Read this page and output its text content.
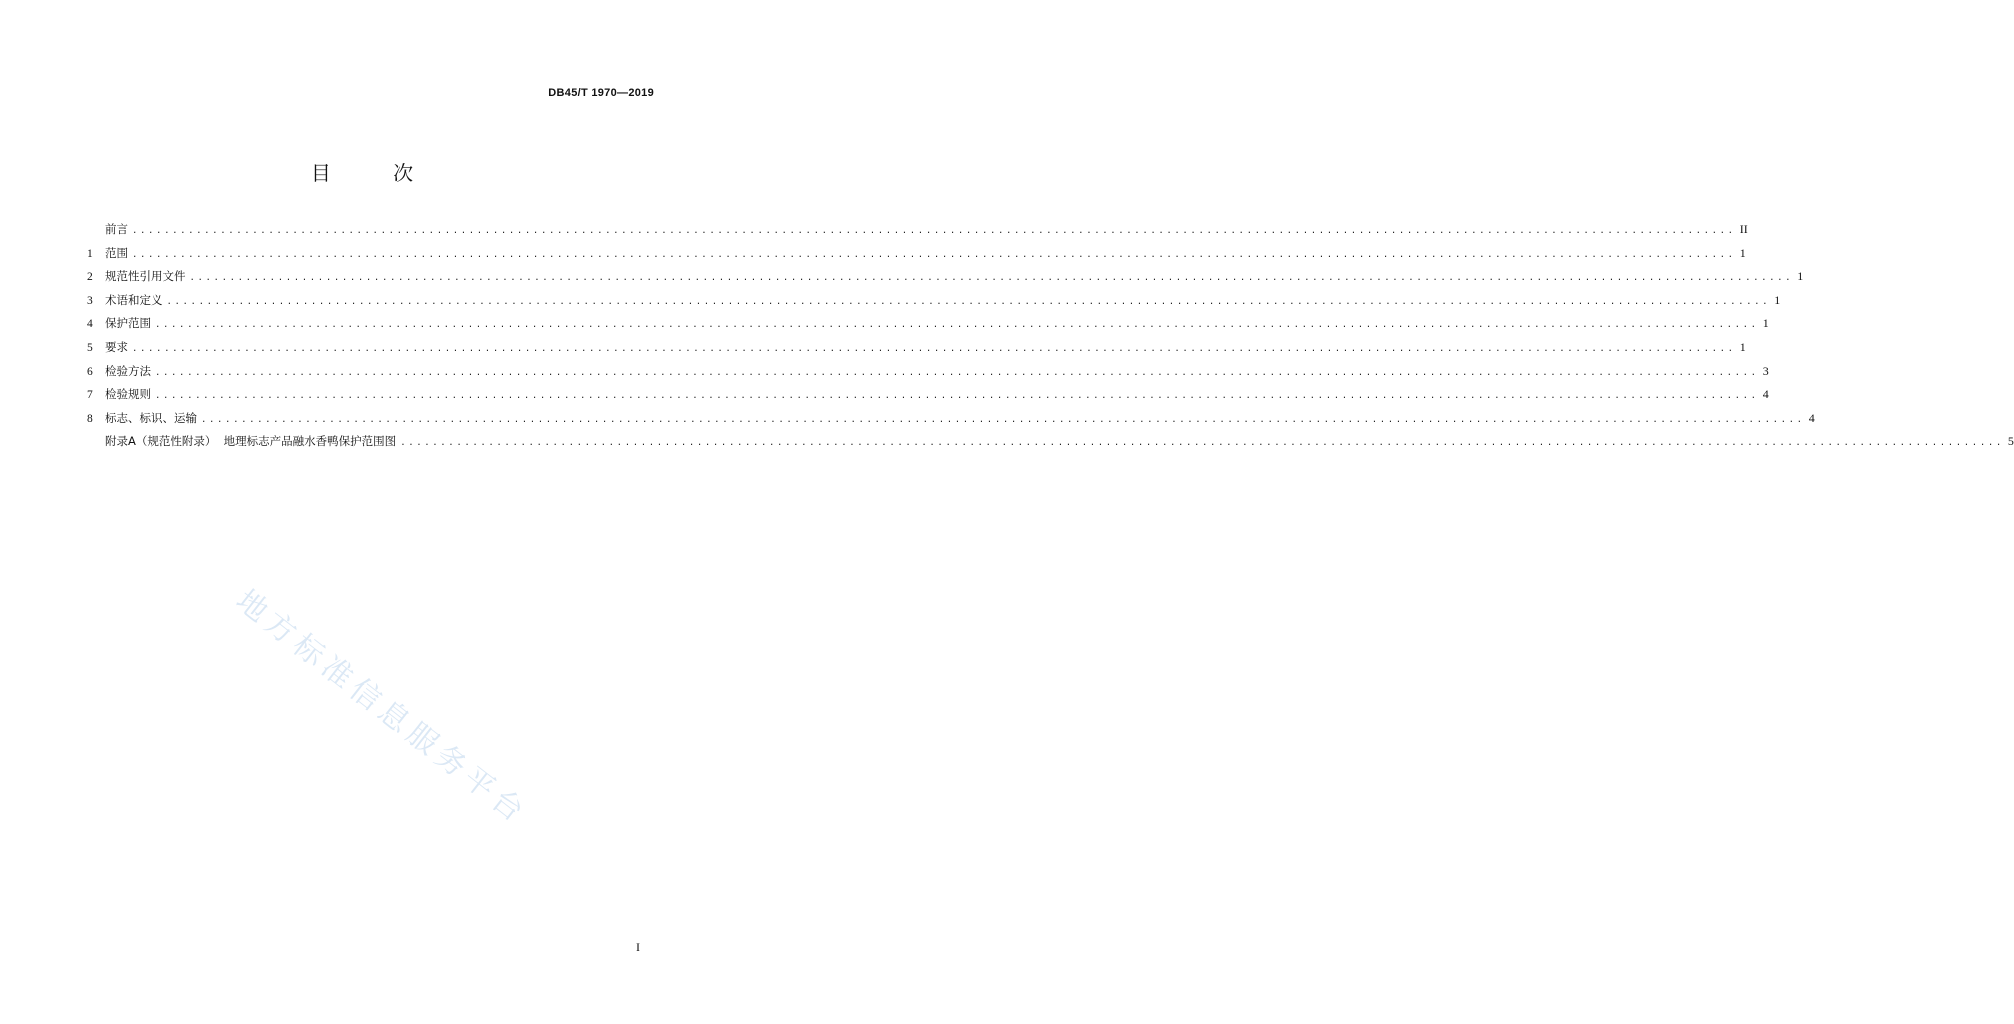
DB45/T 1970—2019
目 次
前言 ........................................................................................................................................................................................................ II
1	范围 ........................................................................................................................................................................................................ 1
2	规范性引用文件 ........................................................................................................................................................................................................ 1
3	术语和定义 ........................................................................................................................................................................................................ 1
4	保护范围 ........................................................................................................................................................................................................ 1
5	要求 ........................................................................................................................................................................................................ 1
6	检验方法 ........................................................................................................................................................................................................ 3
7	检验规则 ........................................................................................................................................................................................................ 4
8	标志、标识、运输 ........................................................................................................................................................................................................ 4
附录A（规范性附录）  地理标志产品融水香鸭保护范围图 ........................................................................................................................................................................................................ 5
地方标准信息服务平台
I
